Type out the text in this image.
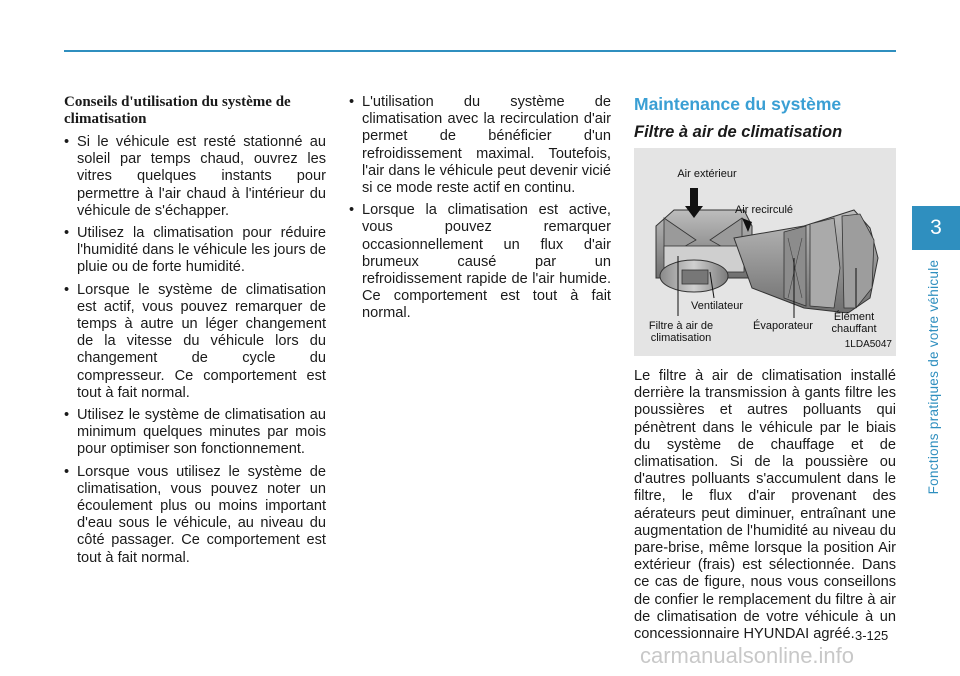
Conseils d'utilisation du système de climatisation
• Si le véhicule est resté stationné au soleil par temps chaud, ouvrez les vitres quelques instants pour permettre à l'air chaud à l'intérieur du véhicule de s'échapper.
• Utilisez la climatisation pour réduire l'humidité dans le véhicule les jours de pluie ou de forte humidité.
• Lorsque le système de climatisation est actif, vous pouvez remarquer de temps à autre un léger changement de la vitesse du véhicule lors du changement de cycle du compresseur. Ce comportement est tout à fait normal.
• Utilisez le système de climatisation au minimum quelques minutes par mois pour optimiser son fonctionnement.
• Lorsque vous utilisez le système de climatisation, vous pouvez noter un écoulement plus ou moins important d'eau sous le véhicule, au niveau du côté passager. Ce comportement est tout à fait normal.
• L'utilisation du système de climatisation avec la recirculation d'air permet de bénéficier d'un refroidissement maximal. Toutefois, l'air dans le véhicule peut devenir vicié si ce mode reste actif en continu.
• Lorsque la climatisation est active, vous pouvez remarquer occasionnellement un flux d'air brumeux causé par un refroidissement rapide de l'air humide. Ce comportement est tout à fait normal.
Maintenance du système
Filtre à air de climatisation
Air extérieur
Air recirculé
Ventilateur
Filtre à air de climatisation
Évaporateur
Élément chauffant
1LDA5047

Le filtre à air de climatisation installé derrière la transmission à gants filtre les poussières et autres polluants qui pénètrent dans le véhicule par le biais du système de chauffage et de climatisation. Si de la poussière ou d'autres polluants s'accumulent dans le filtre, le flux d'air provenant des aérateurs peut diminuer, entraînant une augmentation de l'humidité au niveau du pare-brise, même lorsque la position Air extérieur (frais) est sélectionnée. Dans ce cas de figure, nous vous conseillons de confier le remplacement du filtre à air de climatisation de votre véhicule à un concessionnaire HYUNDAI agréé.

3
Fonctions pratiques de votre véhicule
3-125
carmanualsonline.info
